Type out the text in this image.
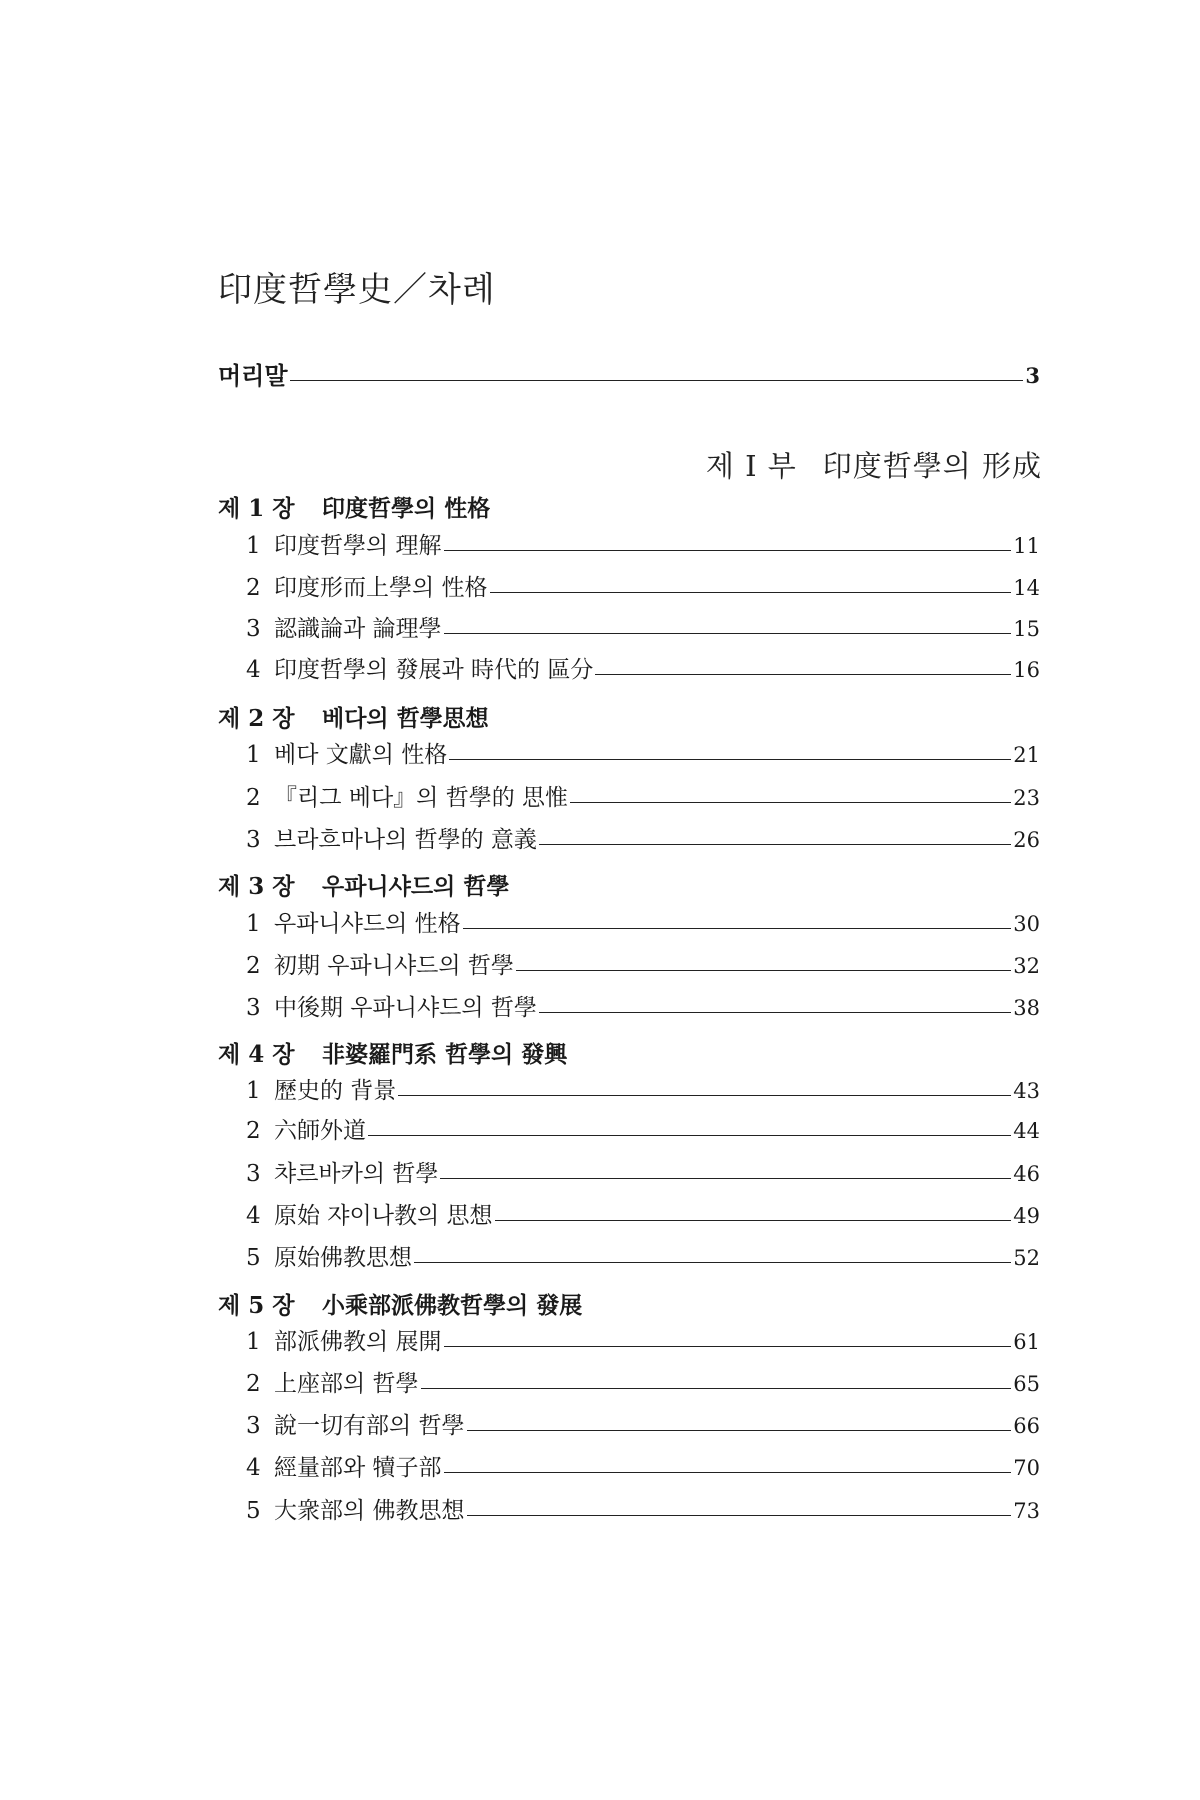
印度哲學史／차례
머리말	3
제 I 부 印度哲學의 形成
제 1 장 印度哲學의 性格
1 印度哲學의 理解	11
2 印度形而上學의 性格	14
3 認識論과 論理學	15
4 印度哲學의 發展과 時代的 區分	16
제 2 장 베다의 哲學思想
1 베다 文獻의 性格	21
2 『리그 베다』의 哲學的 思惟	23
3 브라흐마나의 哲學的 意義	26
제 3 장 우파니샤드의 哲學
1 우파니샤드의 性格	30
2 初期 우파니샤드의 哲學	32
3 中後期 우파니샤드의 哲學	38
제 4 장 非婆羅門系 哲學의 發興
1 歷史的 背景	43
2 六師外道	44
3 챠르바카의 哲學	46
4 原始 쟈이나教의 思想	49
5 原始佛教思想	52
제 5 장 小乘部派佛教哲學의 發展
1 部派佛教의 展開	61
2 上座部의 哲學	65
3 說一切有部의 哲學	66
4 經量部와 犢子部	70
5 大衆部의 佛教思想	73
